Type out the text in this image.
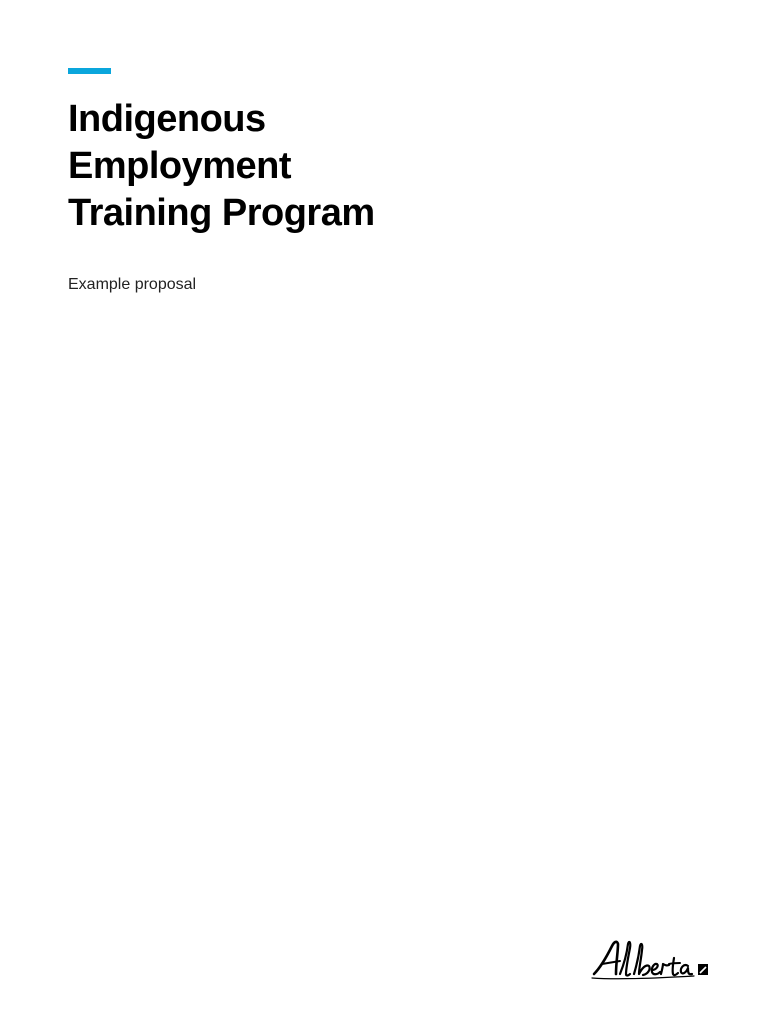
Indigenous
Employment
Training Program

Example proposal
